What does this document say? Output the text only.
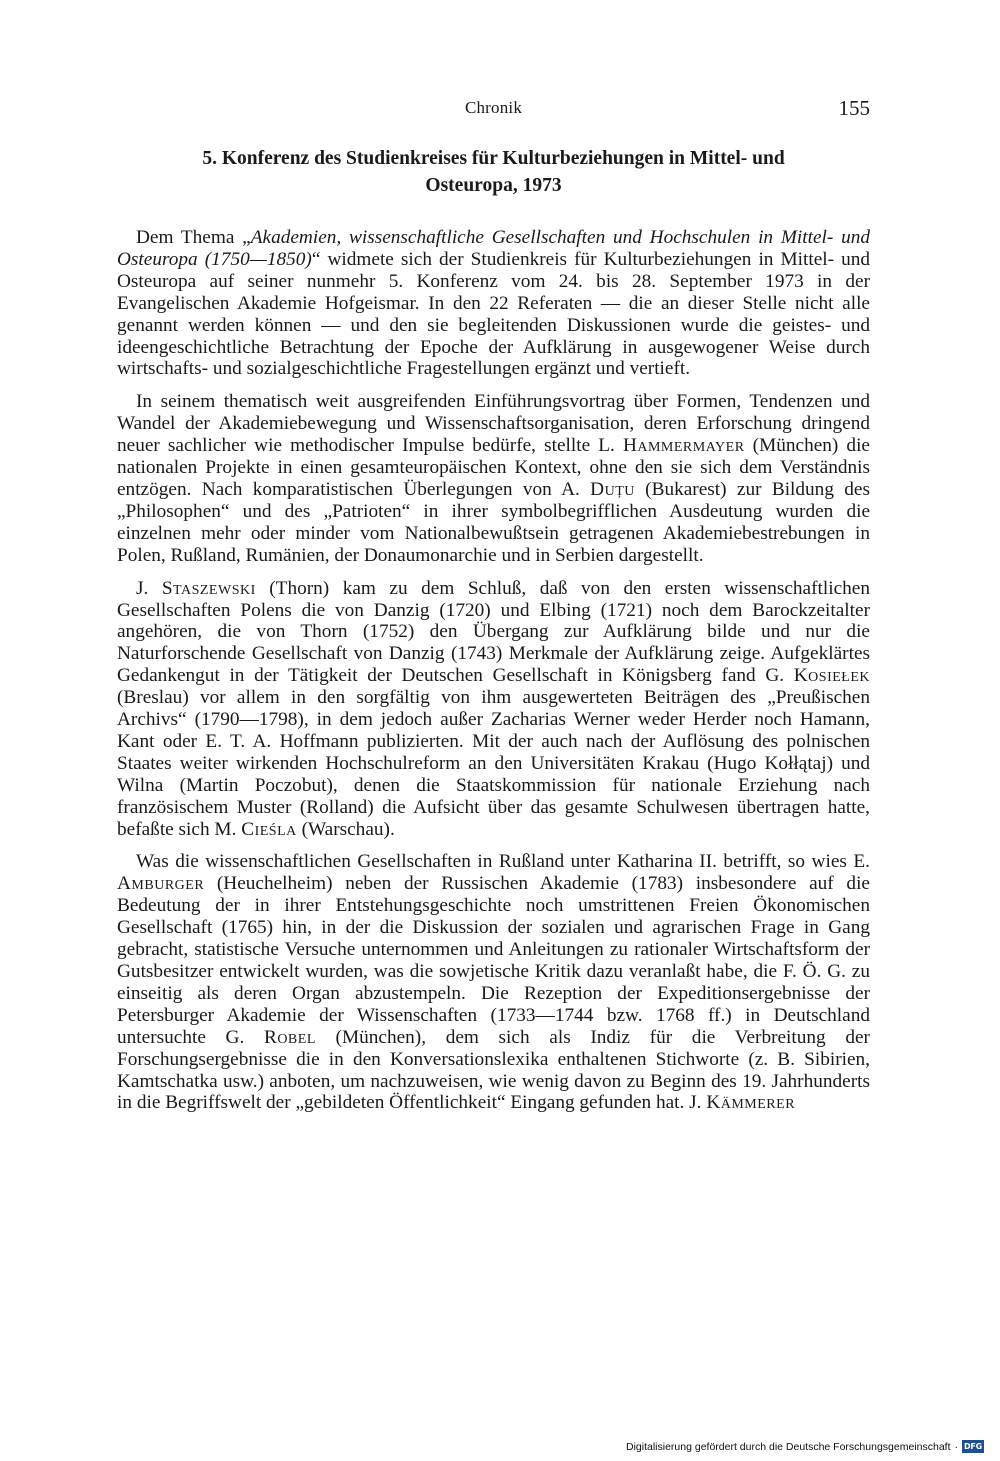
Chronik	155
5. Konferenz des Studienkreises für Kulturbeziehungen in Mittel- und
Osteuropa, 1973

Dem Thema „Akademien, wissenschaftliche Gesellschaften und Hochschulen in Mittel- und Osteuropa (1750—1850)“ widmete sich der Studienkreis für Kulturbeziehungen in Mittel- und Osteuropa auf seiner nunmehr 5. Konferenz vom 24. bis 28. September 1973 in der Evangelischen Akademie Hofgeismar. In den 22 Referaten — die an dieser Stelle nicht alle genannt werden können — und den sie begleitenden Diskussionen wurde die geistes- und ideengeschichtliche Betrachtung der Epoche der Aufklärung in ausgewogener Weise durch wirtschafts- und sozialgeschichtliche Fragestellungen ergänzt und vertieft.

In seinem thematisch weit ausgreifenden Einführungsvortrag über Formen, Tendenzen und Wandel der Akademiebewegung und Wissenschaftsorganisation, deren Erforschung dringend neuer sachlicher wie methodischer Impulse bedürfe, stellte L. Hammermayer (München) die nationalen Projekte in einen gesamteuropäischen Kontext, ohne den sie sich dem Verständnis entzögen. Nach komparatistischen Überlegungen von A. Duțu (Bukarest) zur Bildung des „Philosophen“ und des „Patrioten“ in ihrer symbolbegrifflichen Ausdeutung wurden die einzelnen mehr oder minder vom Nationalbewußtsein getragenen Akademiebestrebungen in Polen, Rußland, Rumänien, der Donaumonarchie und in Serbien dargestellt.

J. Staszewski (Thorn) kam zu dem Schluß, daß von den ersten wissenschaftlichen Gesellschaften Polens die von Danzig (1720) und Elbing (1721) noch dem Barockzeitalter angehören, die von Thorn (1752) den Übergang zur Aufklärung bilde und nur die Naturforschende Gesellschaft von Danzig (1743) Merkmale der Aufklärung zeige. Aufgeklärtes Gedankengut in der Tätigkeit der Deutschen Gesellschaft in Königsberg fand G. Kosiełek (Breslau) vor allem in den sorgfältig von ihm ausgewerteten Beiträgen des „Preußischen Archivs“ (1790—1798), in dem jedoch außer Zacharias Werner weder Herder noch Hamann, Kant oder E. T. A. Hoffmann publizierten. Mit der auch nach der Auflösung des polnischen Staates weiter wirkenden Hochschulreform an den Universitäten Krakau (Hugo Kołłątaj) und Wilna (Martin Poczobut), denen die Staatskommission für nationale Erziehung nach französischem Muster (Rolland) die Aufsicht über das gesamte Schulwesen übertragen hatte, befaßte sich M. Cieśla (Warschau).

Was die wissenschaftlichen Gesellschaften in Rußland unter Katharina II. betrifft, so wies E. Amburger (Heuchelheim) neben der Russischen Akademie (1783) insbesondere auf die Bedeutung der in ihrer Entstehungsgeschichte noch umstrittenen Freien Ökonomischen Gesellschaft (1765) hin, in der die Diskussion der sozialen und agrarischen Frage in Gang gebracht, statistische Versuche unternommen und Anleitungen zu rationaler Wirtschaftsform der Gutsbesitzer entwickelt wurden, was die sowjetische Kritik dazu veranlaßt habe, die F. Ö. G. zu einseitig als deren Organ abzustempeln. Die Rezeption der Expeditionsergebnisse der Petersburger Akademie der Wissenschaften (1733—1744 bzw. 1768 ff.) in Deutschland untersuchte G. Robel (München), dem sich als Indiz für die Verbreitung der Forschungsergebnisse die in den Konversationslexika enthaltenen Stichworte (z. B. Sibirien, Kamtschatka usw.) anboten, um nachzuweisen, wie wenig davon zu Beginn des 19. Jahrhunderts in die Begriffswelt der „gebildeten Öffentlichkeit“ Eingang gefunden hat. J. Kämmerer

Digitalisierung gefördert durch die Deutsche Forschungsgemeinschaft · DFG
